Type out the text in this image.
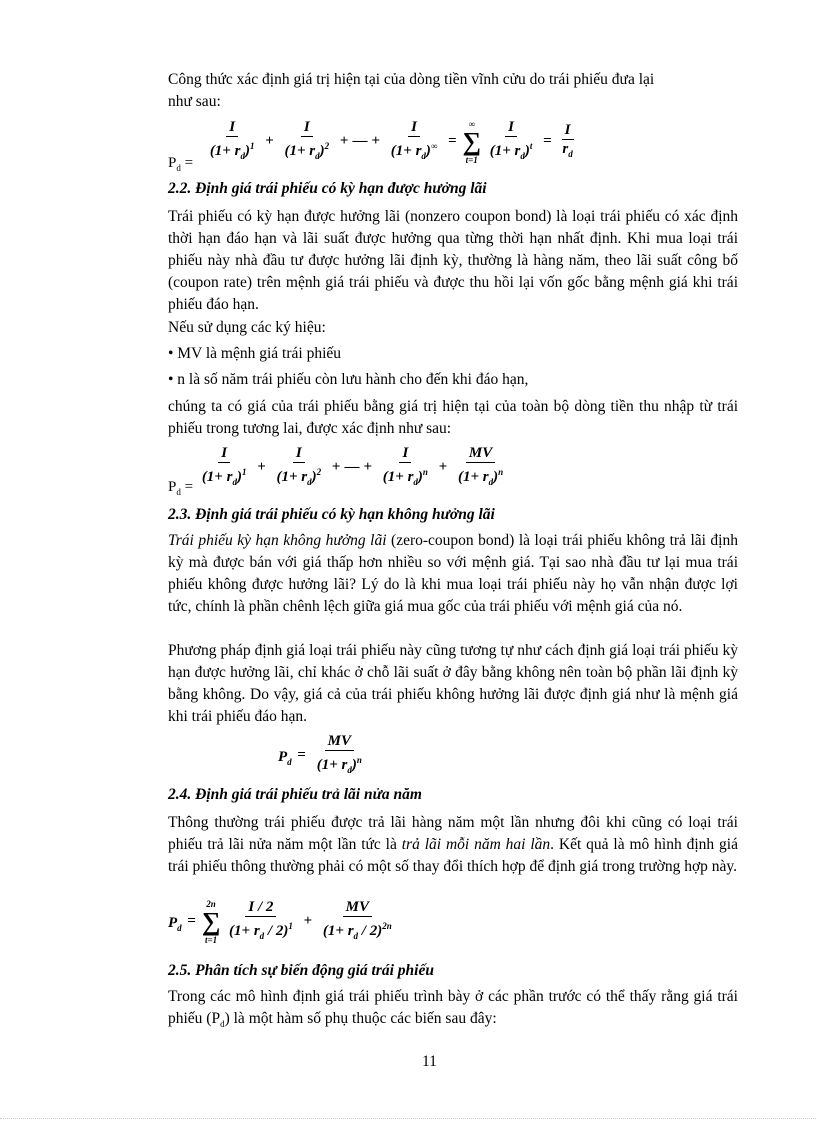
Công thức xác định giá trị hiện tại của dòng tiền vĩnh cửu do trái phiếu đưa lại
như sau:
$P_d = \frac{I}{(1+ r_d)^1} + \frac{I}{(1+ r_d)^2}$ + — + $\frac{I}{(1+ r_d)^\infty}$ =
∞
∑
t=1
$\frac{I}{(1+ r_d)^t} = \frac{I}{r_d}$
2.2. Định giá trái phiếu có kỳ hạn được hưởng lãi
Trái phiếu có kỳ hạn được hưởng lãi (nonzero coupon bond) là loại trái phiếu có xác định thời hạn đáo hạn và lãi suất được hưởng qua từng thời hạn nhất định. Khi mua loại trái phiếu này nhà đầu tư được hưởng lãi định kỳ, thường là hàng năm, theo lãi suất công bố (coupon rate) trên mệnh giá trái phiếu và được thu hồi lại vốn gốc bằng mệnh giá khi trái phiếu đáo hạn.
Nếu sử dụng các ký hiệu:
• MV là mệnh giá trái phiếu
• n là số năm trái phiếu còn lưu hành cho đến khi đáo hạn,
chúng ta có giá của trái phiếu bằng giá trị hiện tại của toàn bộ dòng tiền thu nhập từ trái phiếu trong tương lai, được xác định như sau:
$P_d = \frac{I}{(1+ r_d)^1} + \frac{I}{(1+ r_d)^2}$ + — + $\frac{I}{(1+ r_d)^n} + \frac{MV}{(1+ r_d)^n}$
2.3. Định giá trái phiếu có kỳ hạn không hưởng lãi
Trái phiếu kỳ hạn không hưởng lãi (zero-coupon bond) là loại trái phiếu không trả lãi định kỳ mà được bán với giá thấp hơn nhiều so với mệnh giá. Tại sao nhà đầu tư lại mua trái phiếu không được hưởng lãi? Lý do là khi mua loại trái phiếu này họ vẫn nhận được lợi tức, chính là phần chênh lệch giữa giá mua gốc của trái phiếu với mệnh giá của nó.
Phương pháp định giá loại trái phiếu này cũng tương tự như cách định giá loại trái phiếu kỳ hạn được hưởng lãi, chỉ khác ở chỗ lãi suất ở đây bằng không nên toàn bộ phần lãi định kỳ bằng không. Do vậy, giá cả của trái phiếu không hưởng lãi được định giá như là mệnh giá khi trái phiếu đáo hạn.
$P_d = \frac{MV}{(1+ r_d)^n}$
2.4. Định giá trái phiếu trả lãi nửa năm
Thông thường trái phiếu được trả lãi hàng năm một lần nhưng đôi khi cũng có loại trái phiếu trả lãi nửa năm một lần tức là trả lãi mỗi năm hai lần. Kết quả là mô hình định giá trái phiếu thông thường phải có một số thay đổi thích hợp để định giá trong trường hợp này.
$P_d$ =
2n
∑
t=1
$\frac{I / 2}{(1+ r_d / 2)^1} + \frac{MV}{(1+ r_d / 2)^{2n}}$
2.5. Phân tích sự biến động giá trái phiếu
Trong các mô hình định giá trái phiếu trình bày ở các phần trước có thể thấy rằng giá trái phiếu $(P_d)$ là một hàm số phụ thuộc các biến sau đây:
11
